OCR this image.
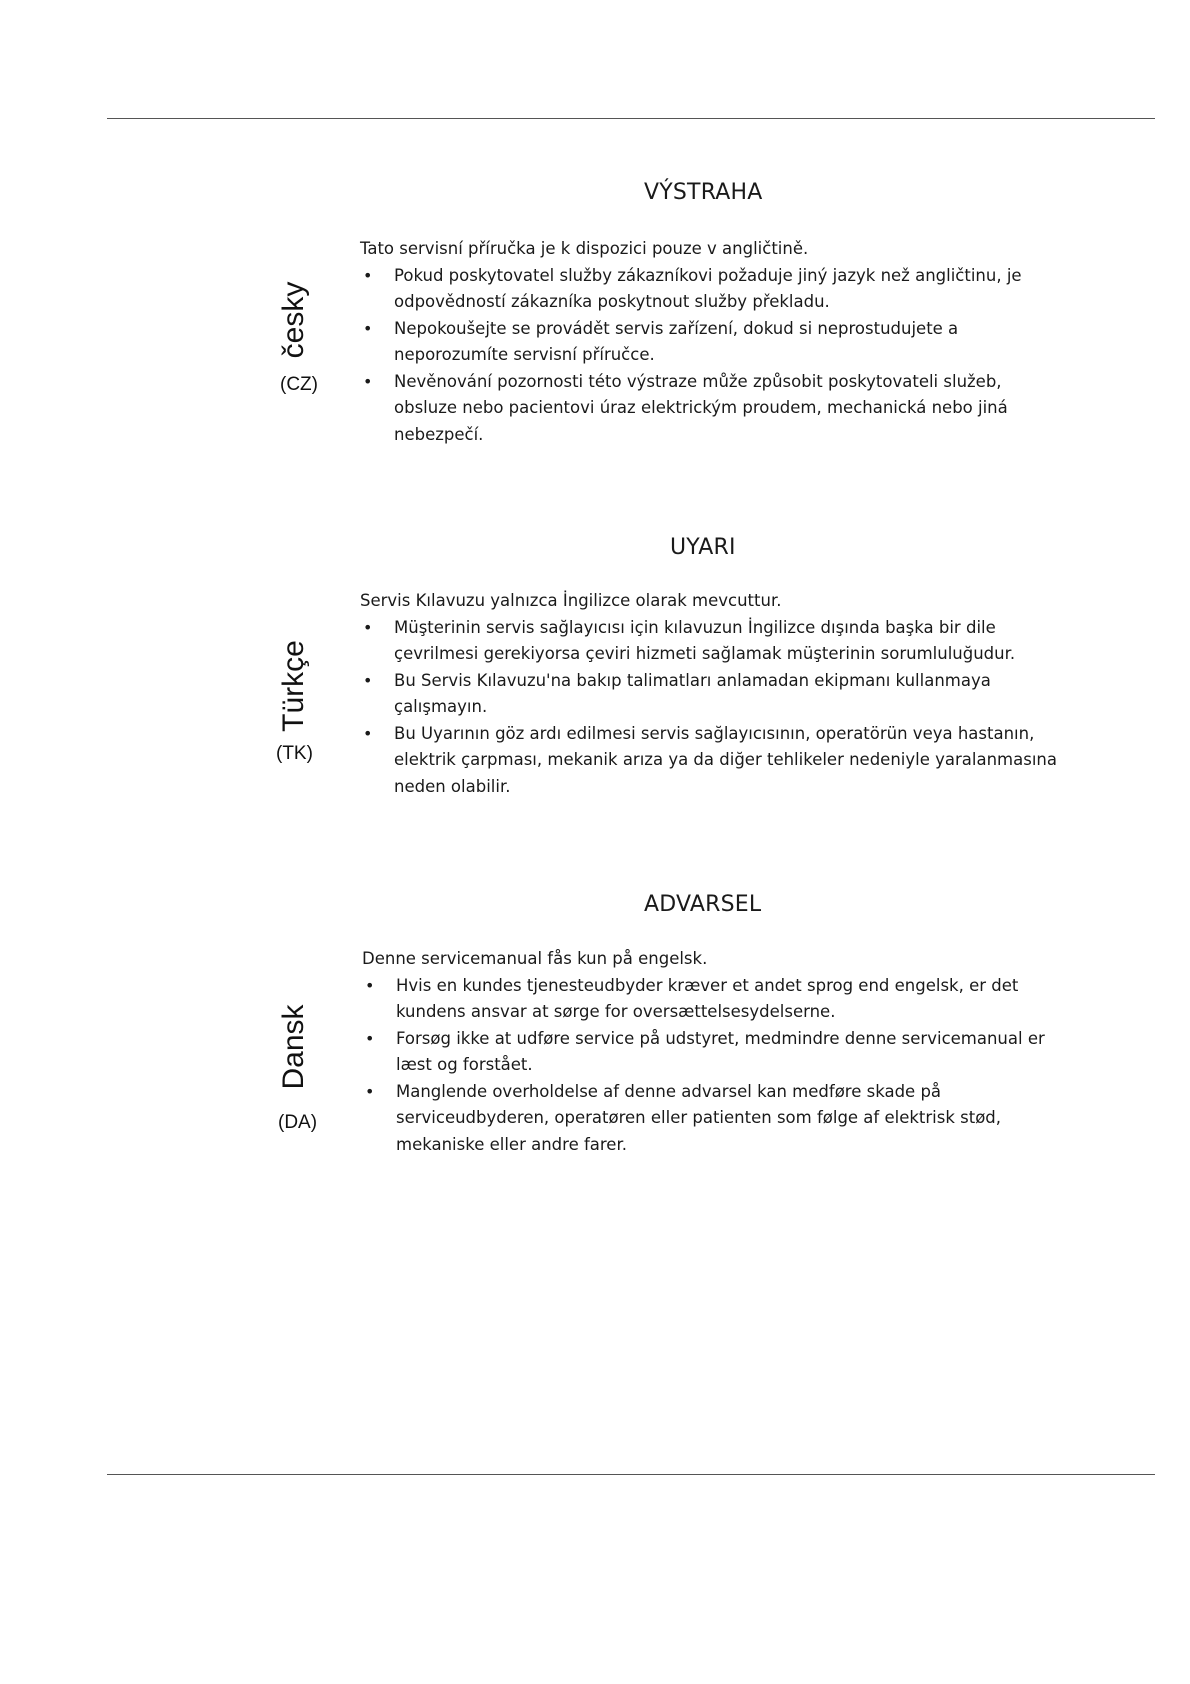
česky
(CZ)
VÝSTRAHA

Tato servisní příručka je k dispozici pouze v angličtině.

• Pokud poskytovatel služby zákazníkovi požaduje jiný jazyk než angličtinu, je odpovědností zákazníka poskytnout služby překladu.
• Nepokoušejte se provádět servis zařízení, dokud si neprostudujete a neporozumíte servisní příručce.
• Nevěnování pozornosti této výstraze může způsobit poskytovateli služeb, obsluze nebo pacientovi úraz elektrickým proudem, mechanická nebo jiná nebezpečí.
Türkçe
(TK)
UYARI

Servis Kılavuzu yalnızca İngilizce olarak mevcuttur.

• Müşterinin servis sağlayıcısı için kılavuzun İngilizce dışında başka bir dile çevrilmesi gerekiyorsa çeviri hizmeti sağlamak müşterinin sorumluluğudur.
• Bu Servis Kılavuzu'na bakıp talimatları anlamadan ekipmanı kullanmaya çalışmayın.
• Bu Uyarının göz ardı edilmesi servis sağlayıcısının, operatörün veya hastanın, elektrik çarpması, mekanik arıza ya da diğer tehlikeler nedeniyle yaralanmasına neden olabilir.
Dansk
(DA)
ADVARSEL

Denne servicemanual fås kun på engelsk.

• Hvis en kundes tjenesteudbyder kræver et andet sprog end engelsk, er det kundens ansvar at sørge for oversættelsesydelserne.
• Forsøg ikke at udføre service på udstyret, medmindre denne servicemanual er læst og forstået.
• Manglende overholdelse af denne advarsel kan medføre skade på serviceudbyderen, operatøren eller patienten som følge af elektrisk stød, mekaniske eller andre farer.
